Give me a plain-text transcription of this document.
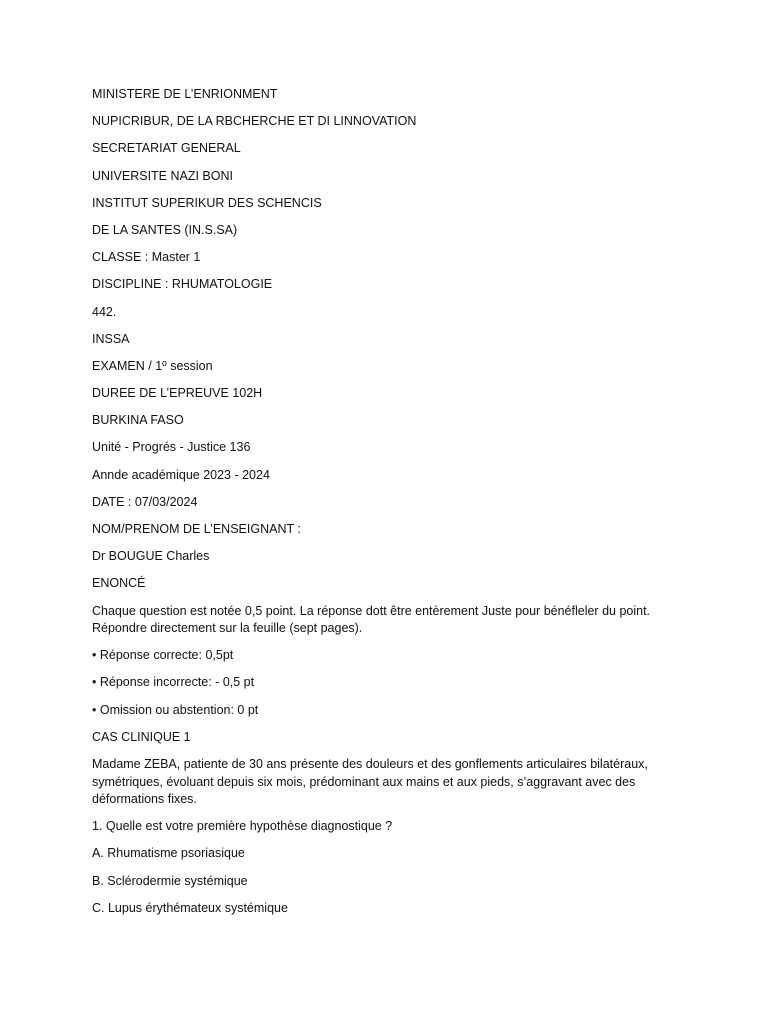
MINISTERE DE L’ENRIONMENT

NUPICRIBUR, DE LA RBCHERCHE ET DI LINNOVATION

SECRETARIAT GENERAL

UNIVERSITE NAZI BONI

INSTITUT SUPERIKUR DES SCHENCIS

DE LA SANTES (IN.S.SA)

CLASSE : Master 1

DISCIPLINE : RHUMATOLOGIE

442.

INSSA

EXAMEN / 1º session

DUREE DE L’EPREUVE 102H

BURKINA FASO

Unité - Progrés - Justice 136

Annde académique 2023 - 2024

DATE : 07/03/2024

NOM/PRENOM DE L’ENSEIGNANT :

Dr BOUGUE Charles

ENONCÉ

Chaque question est notée 0,5 point. La réponse dott être entèrement Juste pour bénéfleler du point. Répondre directement sur la feuille (sept pages).

• Réponse correcte: 0,5pt

• Réponse incorrecte: - 0,5 pt

• Omission ou abstention: 0 pt

CAS CLINIQUE 1

Madame ZEBA, patiente de 30 ans présente des douleurs et des gonflements articulaires bilatéraux, symétriques, évoluant depuis six mois, prédominant aux mains et aux pieds, s’aggravant avec des déformations fixes.

1. Quelle est votre première hypothèse diagnostique ?

A. Rhumatisme psoriasique

B. Sclérodermie systémique

C. Lupus érythémateux systémique
